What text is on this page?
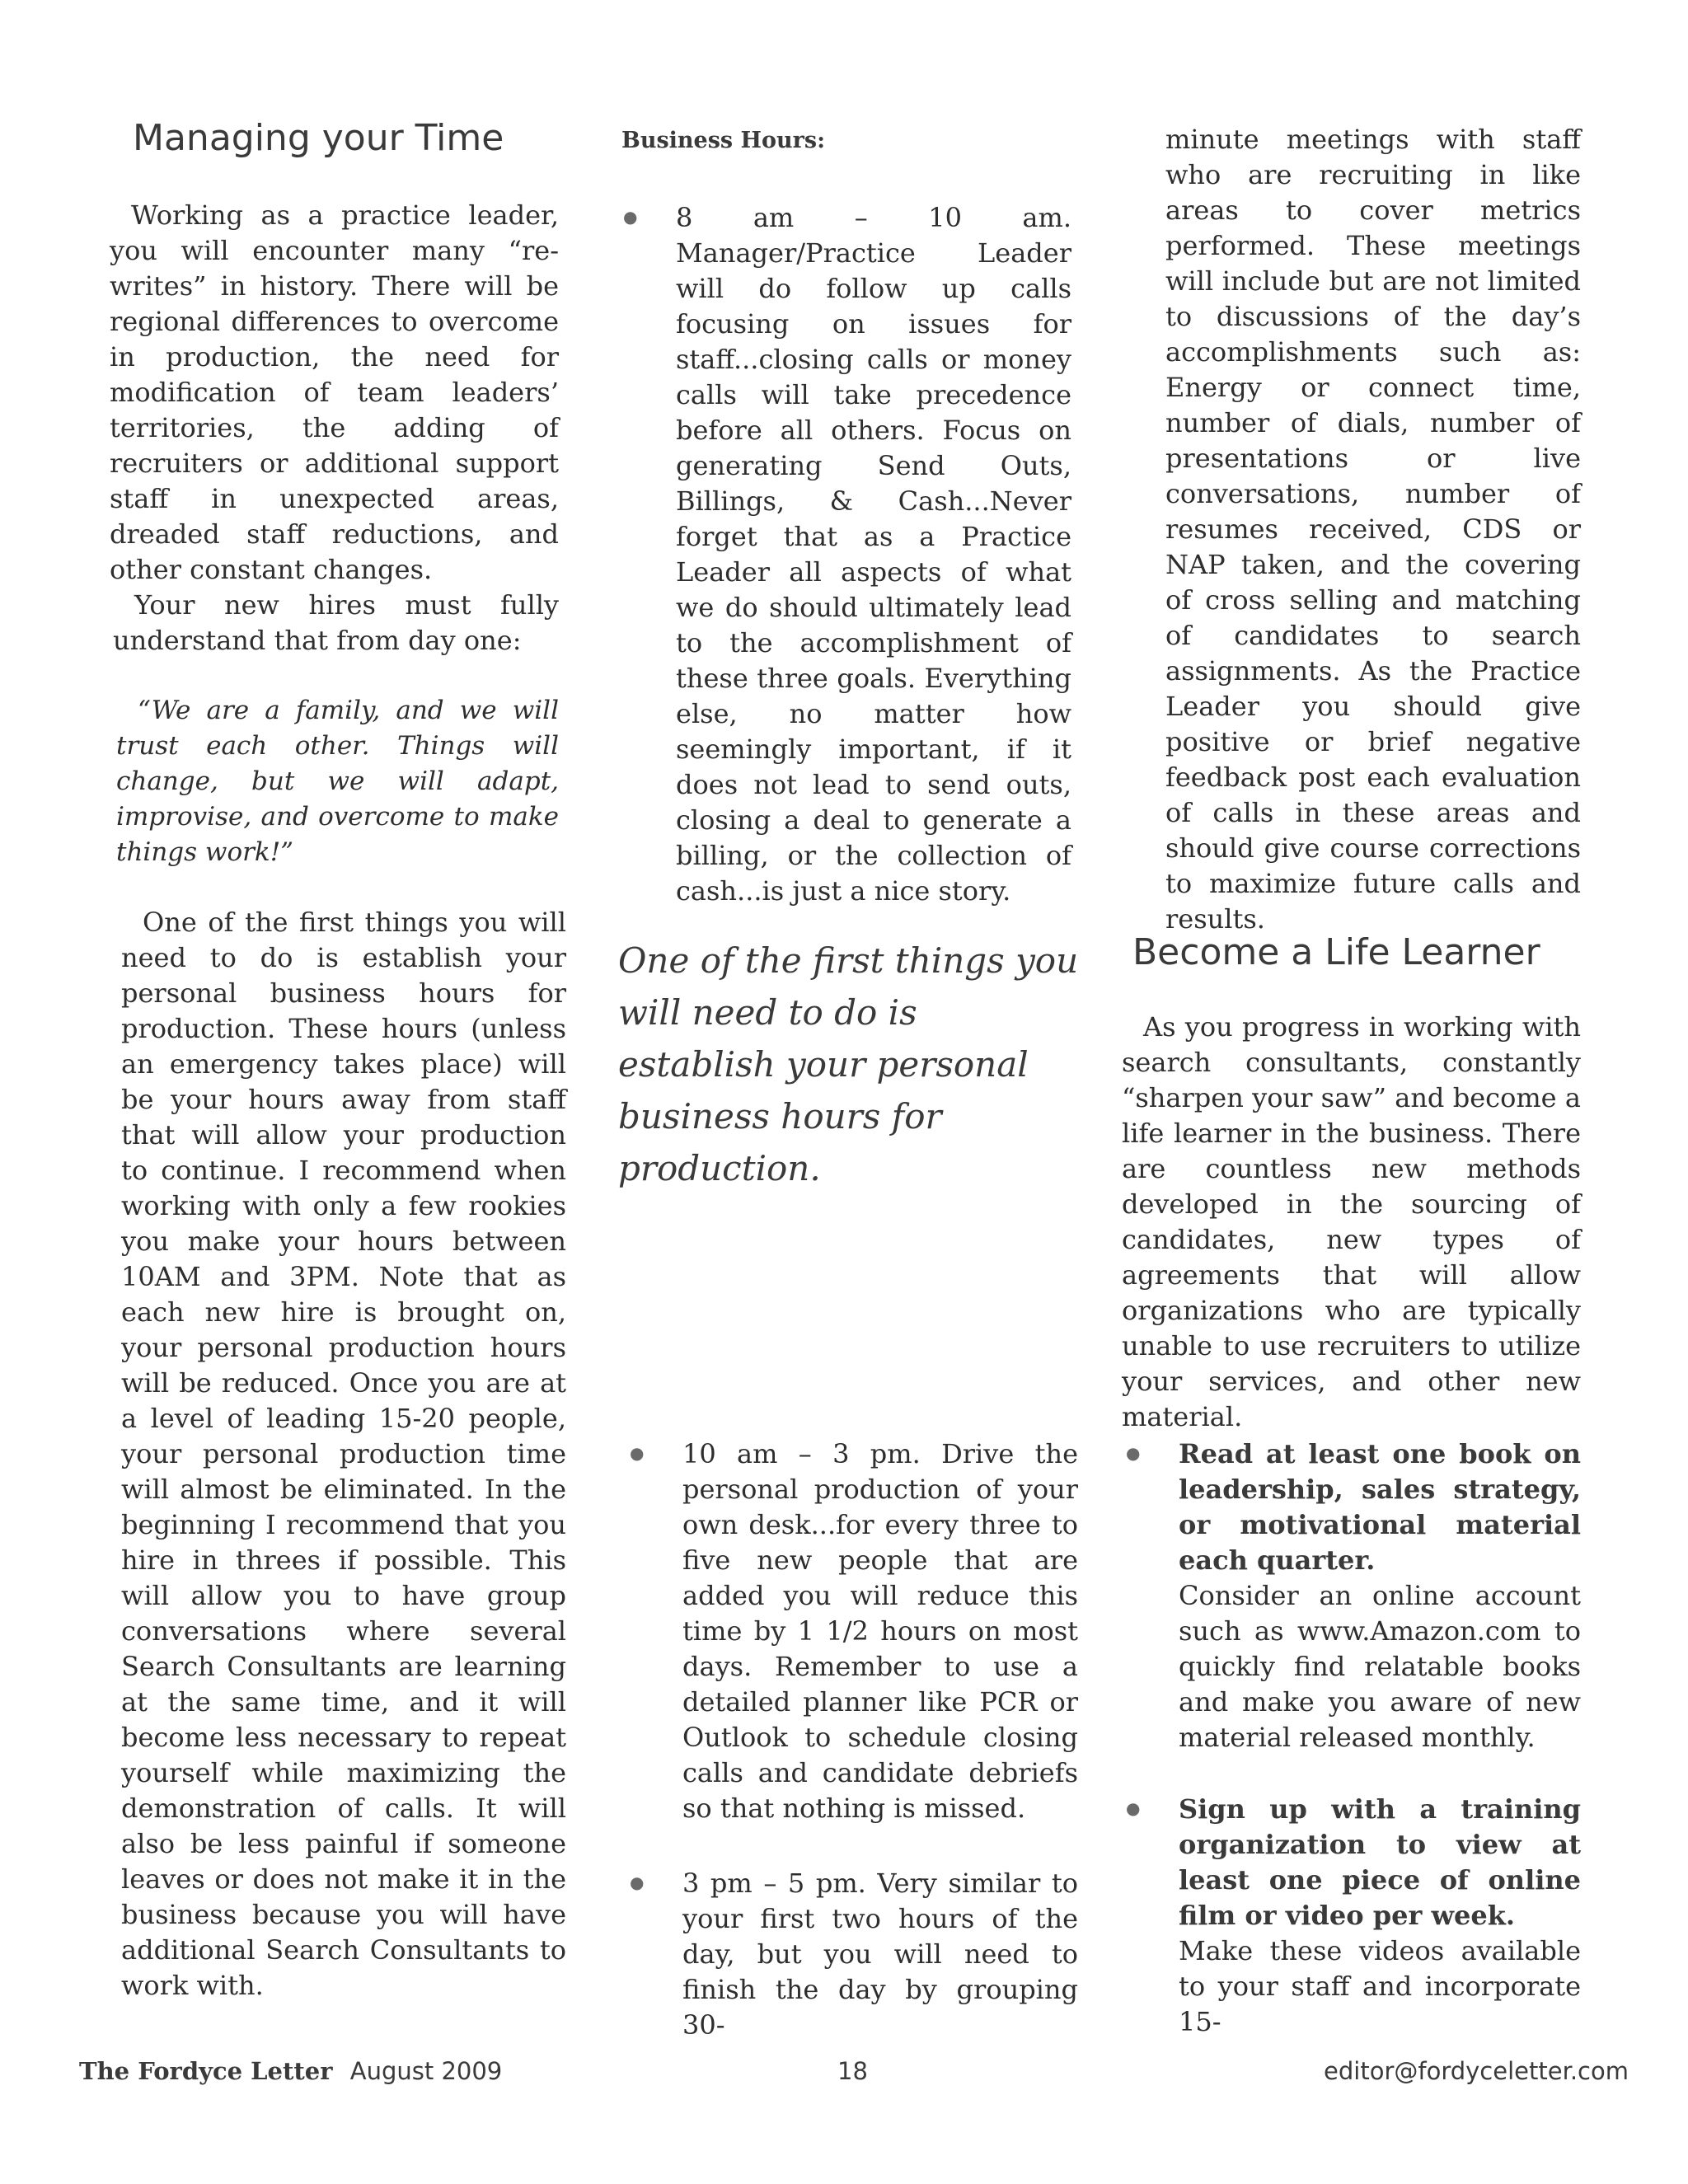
Managing your Time

Working as a practice leader, you will encounter many “re-writes” in history. There will be regional differences to overcome in production, the need for modification of team leaders’ territories, the adding of recruiters or additional support staff in unexpected areas, dreaded staff reductions, and other constant changes.

Your new hires must fully understand that from day one:

“We are a family, and we will trust each other. Things will change, but we will adapt, improvise, and overcome to make things work!”

One of the first things you will need to do is establish your personal business hours for production. These hours (unless an emergency takes place) will be your hours away from staff that will allow your production to continue. I recommend when working with only a few rookies you make your hours between 10AM and 3PM. Note that as each new hire is brought on, your personal production hours will be reduced. Once you are at a level of leading 15-20 people, your personal production time will almost be eliminated. In the beginning I recommend that you hire in threes if possible. This will allow you to have group conversations where several Search Consultants are learning at the same time, and it will become less necessary to repeat yourself while maximizing the demonstration of calls. It will also be less painful if someone leaves or does not make it in the business because you will have additional Search Consultants to work with.

Business Hours:
● 8 am – 10 am. Manager/Practice Leader will do follow up calls focusing on issues for staff...closing calls or money calls will take precedence before all others. Focus on generating Send Outs, Billings, & Cash...Never forget that as a Practice Leader all aspects of what we do should ultimately lead to the accomplishment of these three goals. Everything else, no matter how seemingly important, if it does not lead to send outs, closing a deal to generate a billing, or the collection of cash...is just a nice story.

One of the first things you will need to do is establish your personal business hours for production.

● 10 am – 3 pm. Drive the personal production of your own desk...for every three to five new people that are added you will reduce this time by 1 1/2 hours on most days. Remember to use a detailed planner like PCR or Outlook to schedule closing calls and candidate debriefs so that nothing is missed.

● 3 pm – 5 pm. Very similar to your first two hours of the day, but you will need to finish the day by grouping 30-

minute meetings with staff who are recruiting in like areas to cover metrics performed. These meetings will include but are not limited to discussions of the day’s accomplishments such as: Energy or connect time, number of dials, number of presentations or live conversations, number of resumes received, CDS or NAP taken, and the covering of cross selling and matching of candidates to search assignments. As the Practice Leader you should give positive or brief negative feedback post each evaluation of calls in these areas and should give course corrections to maximize future calls and results.

Become a Life Learner

As you progress in working with search consultants, constantly “sharpen your saw” and become a life learner in the business. There are countless new methods developed in the sourcing of candidates, new types of agreements that will allow organizations who are typically unable to use recruiters to utilize your services, and other new material.

● Read at least one book on leadership, sales strategy, or motivational material each quarter.
Consider an online account such as www.Amazon.com to quickly find relatable books and make you aware of new material released monthly.

● Sign up with a training organization to view at least one piece of online film or video per week.
Make these videos available to your staff and incorporate 15-

The Fordyce Letter August 2009	18	editor@fordyceletter.com
